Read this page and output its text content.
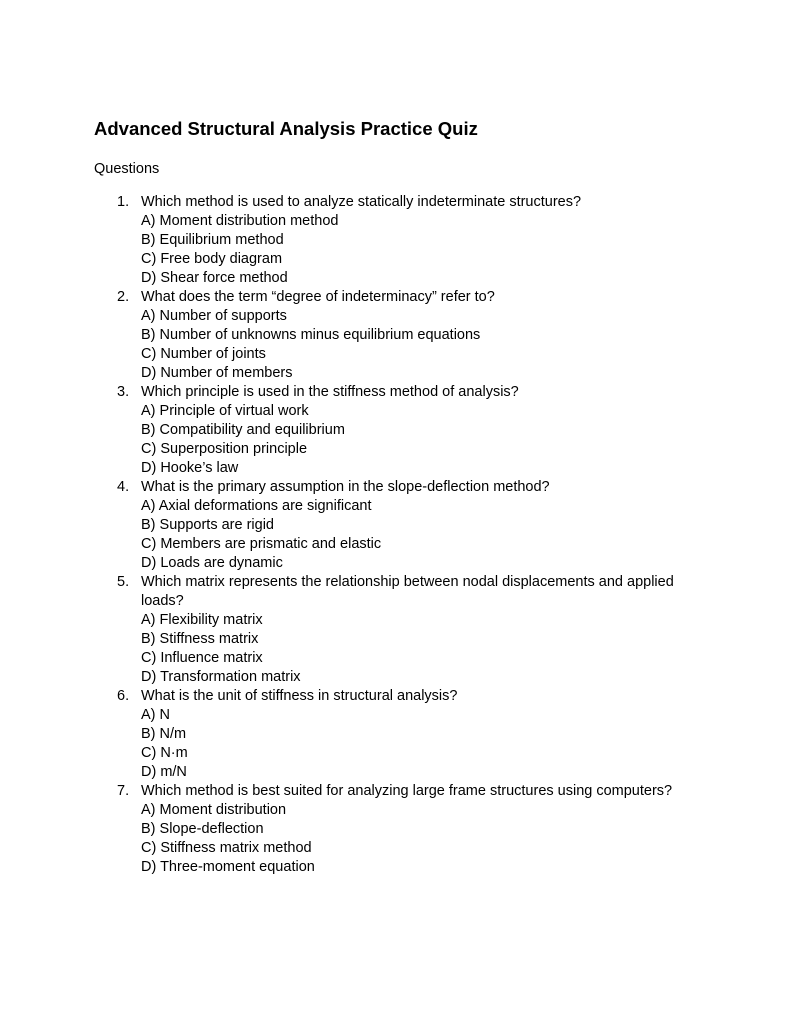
Advanced Structural Analysis Practice Quiz

Questions

1. Which method is used to analyze statically indeterminate structures?
A) Moment distribution method
B) Equilibrium method
C) Free body diagram
D) Shear force method
2. What does the term “degree of indeterminacy” refer to?
A) Number of supports
B) Number of unknowns minus equilibrium equations
C) Number of joints
D) Number of members
3. Which principle is used in the stiffness method of analysis?
A) Principle of virtual work
B) Compatibility and equilibrium
C) Superposition principle
D) Hooke’s law
4. What is the primary assumption in the slope-deflection method?
A) Axial deformations are significant
B) Supports are rigid
C) Members are prismatic and elastic
D) Loads are dynamic
5. Which matrix represents the relationship between nodal displacements and applied loads?
A) Flexibility matrix
B) Stiffness matrix
C) Influence matrix
D) Transformation matrix
6. What is the unit of stiffness in structural analysis?
A) N
B) N/m
C) N·m
D) m/N
7. Which method is best suited for analyzing large frame structures using computers?
A) Moment distribution
B) Slope-deflection
C) Stiffness matrix method
D) Three-moment equation
